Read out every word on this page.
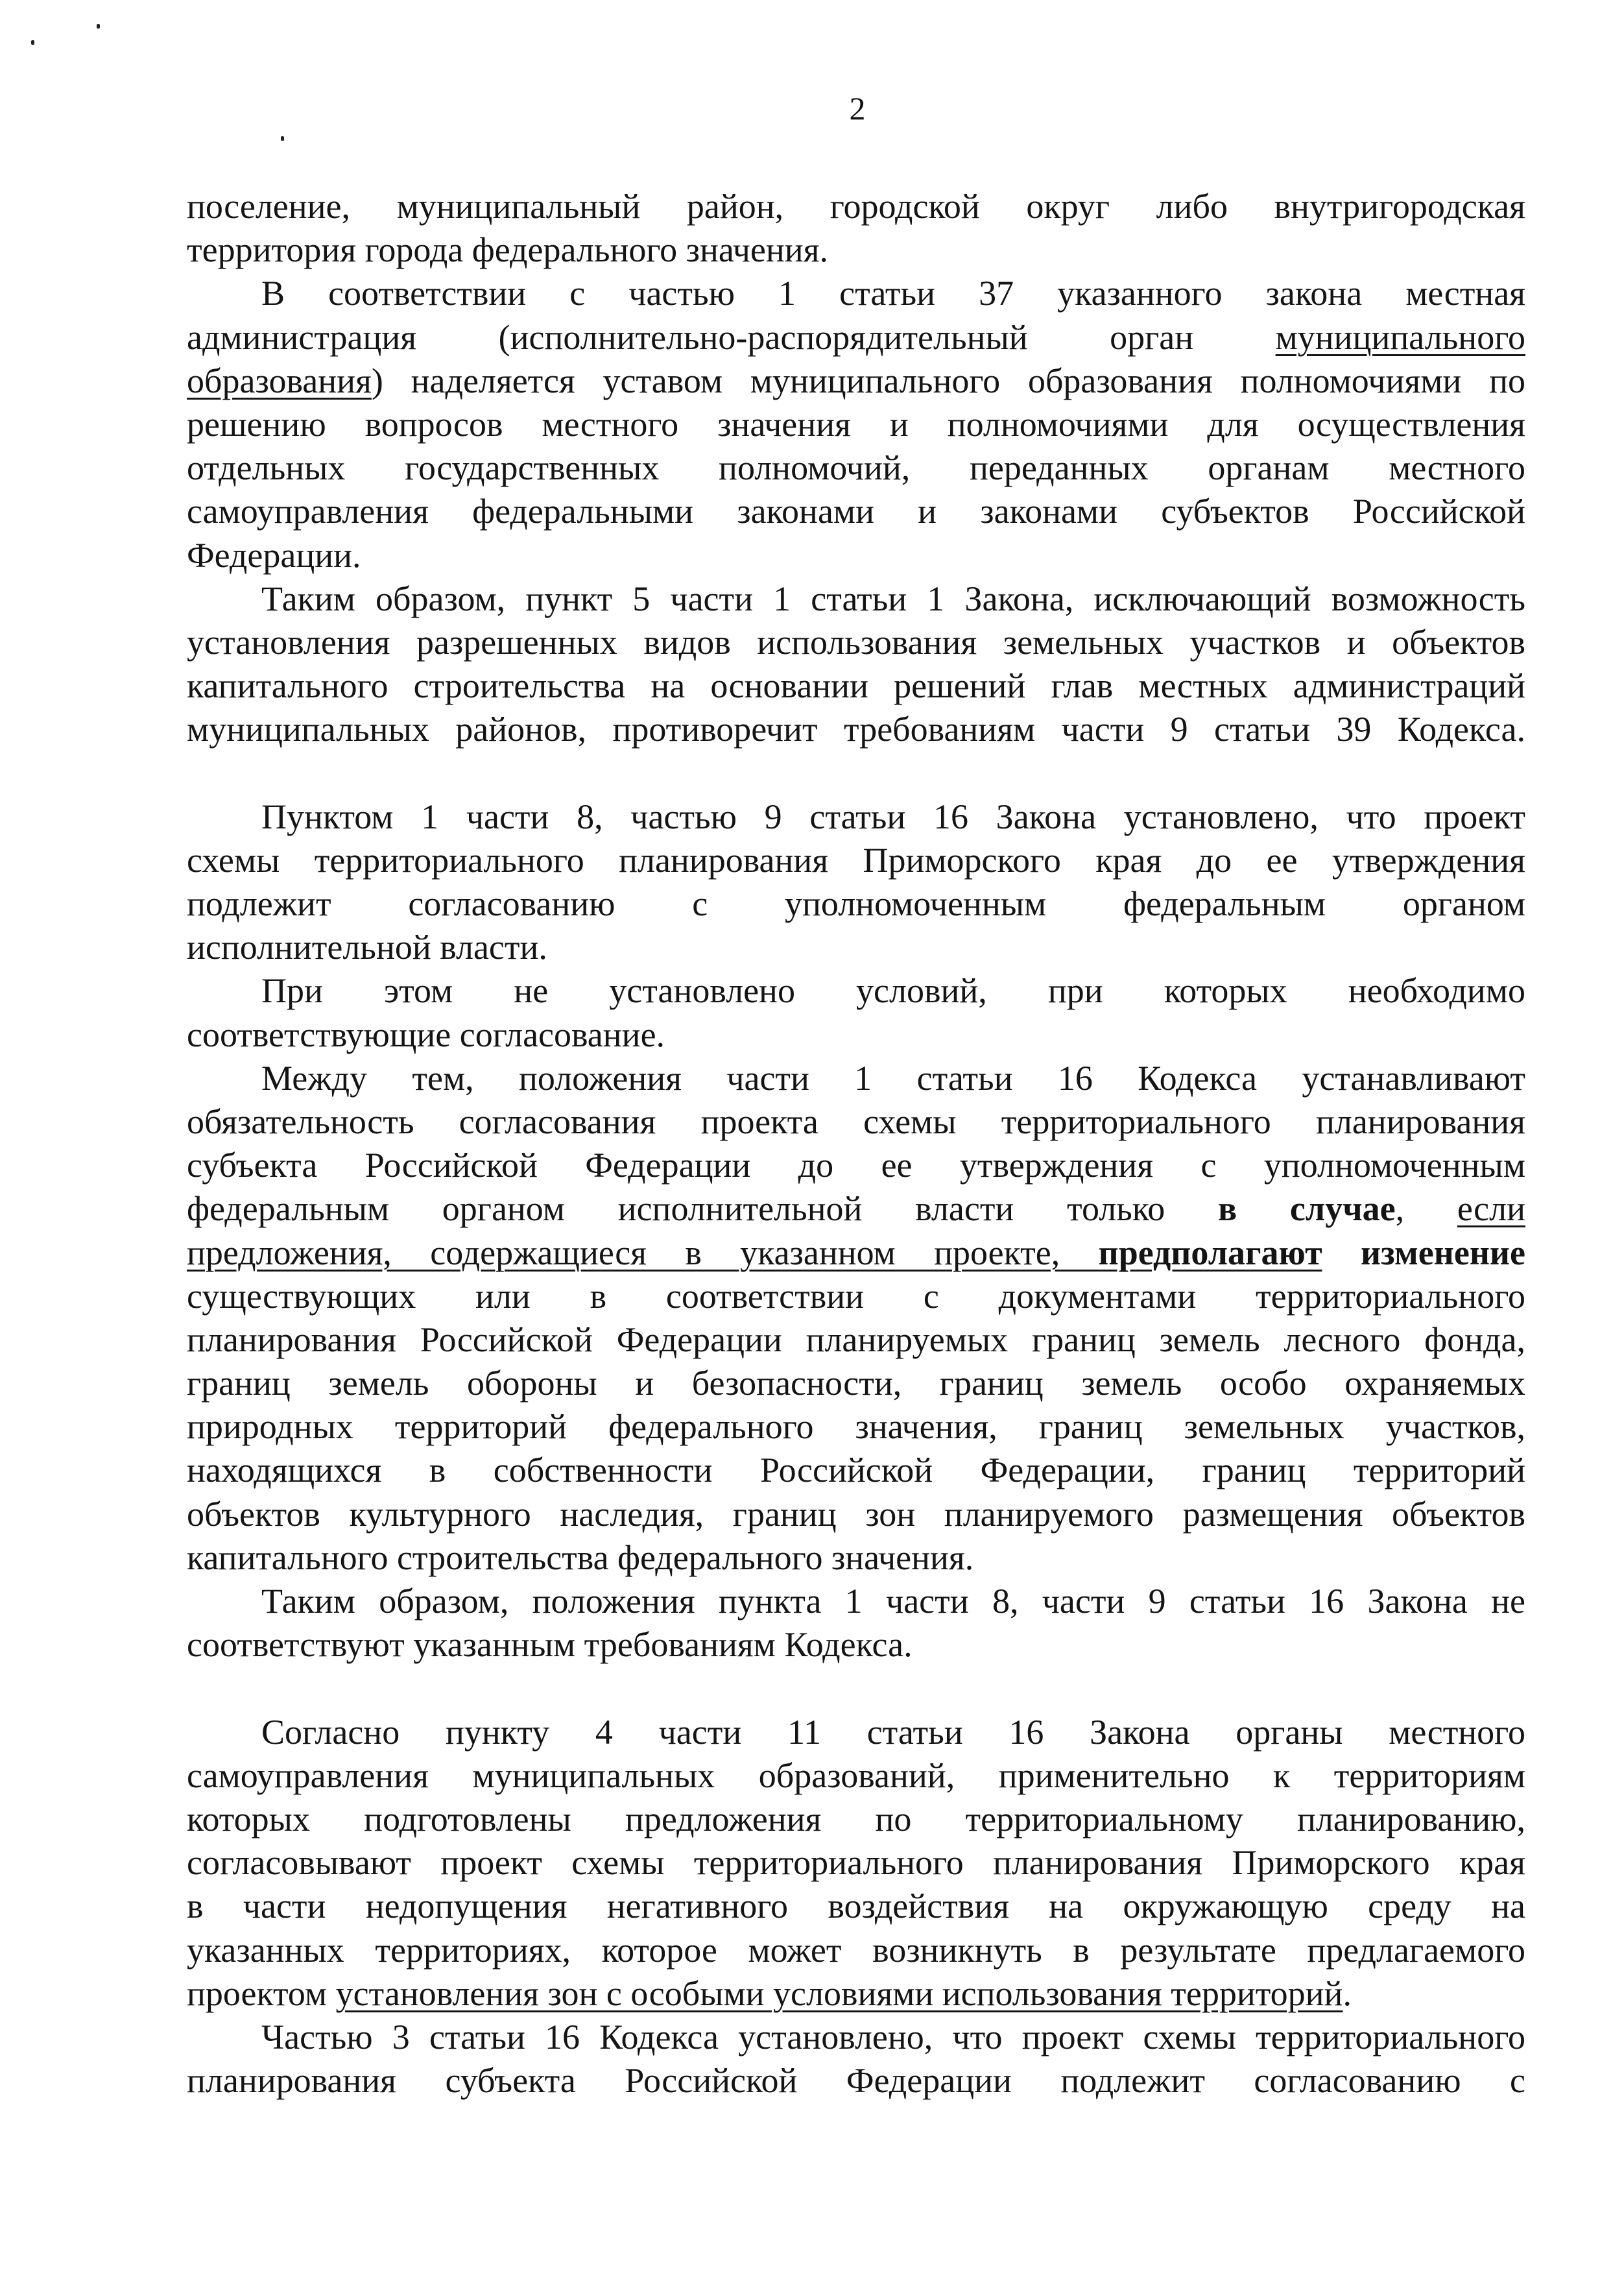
2
поселение, муниципальный район, городской округ либо внутригородская
территория города федерального значения.
В соответствии с частью 1 статьи 37 указанного закона местная
администрация (исполнительно-распорядительный орган муниципального
образования) наделяется уставом муниципального образования полномочиями по
решению вопросов местного значения и полномочиями для осуществления
отдельных государственных полномочий, переданных органам местного
самоуправления федеральными законами и законами субъектов Российской
Федерации.
Таким образом, пункт 5 части 1 статьи 1 Закона, исключающий возможность
установления разрешенных видов использования земельных участков и объектов
капитального строительства на основании решений глав местных администраций
муниципальных районов, противоречит требованиям части 9 статьи 39 Кодекса.
Пунктом 1 части 8, частью 9 статьи 16 Закона установлено, что проект
схемы территориального планирования Приморского края до ее утверждения
подлежит согласованию с уполномоченным федеральным органом
исполнительной власти.
При этом не установлено условий, при которых необходимо
соответствующие согласование.
Между тем, положения части 1 статьи 16 Кодекса устанавливают
обязательность согласования проекта схемы территориального планирования
субъекта Российской Федерации до ее утверждения с уполномоченным
федеральным органом исполнительной власти только в случае, если
предложения, содержащиеся в указанном проекте, предполагают изменение
существующих или в соответствии с документами территориального
планирования Российской Федерации планируемых границ земель лесного фонда,
границ земель обороны и безопасности, границ земель особо охраняемых
природных территорий федерального значения, границ земельных участков,
находящихся в собственности Российской Федерации, границ территорий
объектов культурного наследия, границ зон планируемого размещения объектов
капитального строительства федерального значения.
Таким образом, положения пункта 1 части 8, части 9 статьи 16 Закона не
соответствуют указанным требованиям Кодекса.
Согласно пункту 4 части 11 статьи 16 Закона органы местного
самоуправления муниципальных образований, применительно к территориям
которых подготовлены предложения по территориальному планированию,
согласовывают проект схемы территориального планирования Приморского края
в части недопущения негативного воздействия на окружающую среду на
указанных территориях, которое может возникнуть в результате предлагаемого
проектом установления зон с особыми условиями использования территорий.
Частью 3 статьи 16 Кодекса установлено, что проект схемы территориального
планирования субъекта Российской Федерации подлежит согласованию с
